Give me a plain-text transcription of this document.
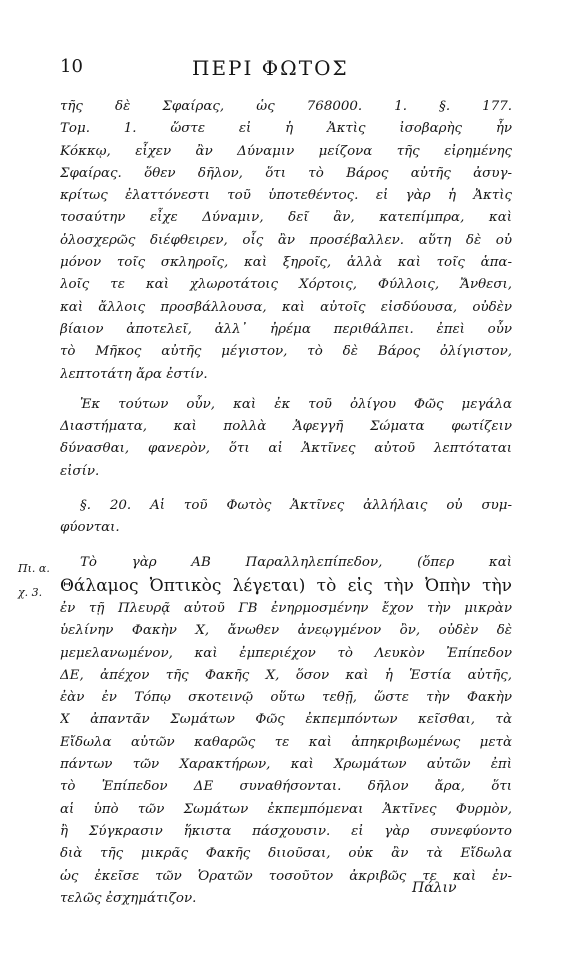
10	ΠΕΡΙ ΦΩΤΟΣ
τῆς δὲ Σφαίρας, ὡς 768000. 1. §. 177.
Τομ. 1. ὥστε εἰ ἡ Ἀκτὶς ἰσοβαρὴς ἦν
Κόκκῳ, εἶχεν ἂν Δύναμιν μείζονα τῆς εἰρημένης
Σφαίρας. ὅθεν δῆλον, ὅτι τὸ Βάρος αὐτῆς ἀσυγ-
κρίτως ἐλαττόνεστι τοῦ ὑποτεθέντος. εἰ γὰρ ἡ Ἀκτὶς
τοσαύτην εἶχε Δύναμιν, δεῖ ἂν, κατεπίμπρα, καὶ
ὁλοσχερῶς διέφθειρεν, οἷς ἂν προσέβαλλεν. αὕτη δὲ οὐ
μόνον τοῖς σκληροῖς, καὶ ξηροῖς, ἀλλὰ καὶ τοῖς ἁπα-
λοῖς τε καὶ χλωροτάτοις Χόρτοις, Φύλλοις, Ἄνθεσι,
καὶ ἄλλοις προσβάλλουσα, καὶ αὐτοῖς εἰσδύουσα, οὐδὲν
βίαιον ἀποτελεῖ, ἀλλ᾽ ἠρέμα περιθάλπει. ἐπεὶ οὖν
τὸ Μῆκος αὐτῆς μέγιστον, τὸ δὲ Βάρος ὀλίγιστον,
λεπτοτάτη ἄρα ἐστίν.
Ἐκ τούτων οὖν, καὶ ἐκ τοῦ ὀλίγου Φῶς μεγάλα
Διαστήματα, καὶ πολλὰ Ἀφεγγῆ Σώματα φωτίζειν
δύνασθαι, φανερὸν, ὅτι αἱ Ἀκτῖνες αὐτοῦ λεπτόταται
εἰσίν.
§. 20. Αἱ τοῦ Φωτὸς Ἀκτῖνες ἀλλήλαις οὐ συμ-
φύονται.
Τὸ γὰρ ΑΒ Παραλληλεπίπεδον, (ὅπερ καὶ
Θάλαμος Ὀπτικὸς λέγεται) τὸ εἰς τὴν Ὀπὴν τὴν
ἐν τῇ Πλευρᾷ αὐτοῦ ΓΒ ἐνηρμοσμένην ἔχον τὴν μικρὰν
ὑελίνην Φακὴν Χ, ἄνωθεν ἀνεῳγμένον ὂν, οὐδὲν δὲ
μεμελανωμένον, καὶ ἐμπεριέχον τὸ Λευκὸν Ἐπίπεδον
ΔΕ, ἀπέχον τῆς Φακῆς Χ, ὅσον καὶ ἡ Ἑστία αὐτῆς,
ἐὰν ἐν Τόπῳ σκοτεινῷ οὕτω τεθῇ, ὥστε τὴν Φακὴν
Χ ἀπαντᾶν Σωμάτων Φῶς ἐκπεμπόντων κεῖσθαι, τὰ
Εἴδωλα αὐτῶν καθαρῶς τε καὶ ἀπηκριβωμένως μετὰ
πάντων τῶν Χαρακτήρων, καὶ Χρωμάτων αὐτῶν ἐπὶ
τὸ Ἐπίπεδον ΔΕ συναθήσονται. δῆλον ἄρα, ὅτι
αἱ ὑπὸ τῶν Σωμάτων ἐκπεμπόμεναι Ἀκτῖνες Φυρμὸν,
ἢ Σύγκρασιν ἥκιστα πάσχουσιν. εἰ γὰρ συνεφύοντο
διὰ τῆς μικρᾶς Φακῆς διιοῦσαι, οὐκ ἂν τὰ Εἴδωλα
ὡς ἐκεῖσε τῶν Ὁρατῶν τοσοῦτον ἀκριβῶς τε καὶ ἐν-
τελῶς ἐσχημάτιζον.
Πι. α.
χ. 3.
Πάλιν
